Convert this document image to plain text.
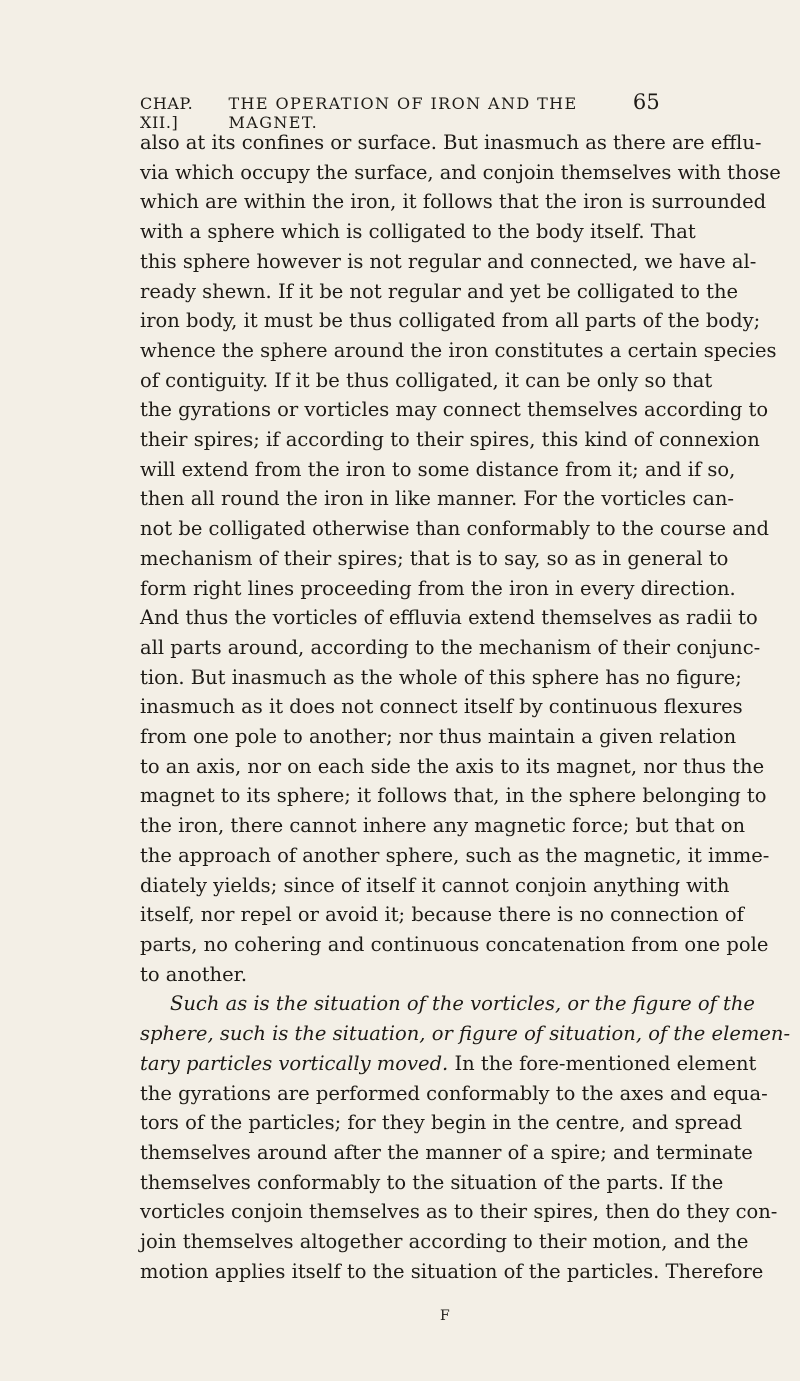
CHAP. XII.]
THE OPERATION OF IRON AND THE MAGNET.
65
also at its confines or surface. But inasmuch as there are efflu-
via which occupy the surface, and conjoin themselves with those
which are within the iron, it follows that the iron is surrounded
with a sphere which is colligated to the body itself. That
this sphere however is not regular and connected, we have al-
ready shewn. If it be not regular and yet be colligated to the
iron body, it must be thus colligated from all parts of the body;
whence the sphere around the iron constitutes a certain species
of contiguity. If it be thus colligated, it can be only so that
the gyrations or vorticles may connect themselves according to
their spires; if according to their spires, this kind of connexion
will extend from the iron to some distance from it; and if so,
then all round the iron in like manner. For the vorticles can-
not be colligated otherwise than conformably to the course and
mechanism of their spires; that is to say, so as in general to
form right lines proceeding from the iron in every direction.
And thus the vorticles of effluvia extend themselves as radii to
all parts around, according to the mechanism of their conjunc-
tion. But inasmuch as the whole of this sphere has no figure;
inasmuch as it does not connect itself by continuous flexures
from one pole to another; nor thus maintain a given relation
to an axis, nor on each side the axis to its magnet, nor thus the
magnet to its sphere; it follows that, in the sphere belonging to
the iron, there cannot inhere any magnetic force; but that on
the approach of another sphere, such as the magnetic, it imme-
diately yields; since of itself it cannot conjoin anything with
itself, nor repel or avoid it; because there is no connection of
parts, no cohering and continuous concatenation from one pole
to another.
Such as is the situation of the vorticles, or the figure of the
sphere, such is the situation, or figure of situation, of the elemen-
tary particles vortically moved. In the fore-mentioned element
the gyrations are performed conformably to the axes and equa-
tors of the particles; for they begin in the centre, and spread
themselves around after the manner of a spire; and terminate
themselves conformably to the situation of the parts. If the
vorticles conjoin themselves as to their spires, then do they con-
join themselves altogether according to their motion, and the
motion applies itself to the situation of the particles. Therefore
F
